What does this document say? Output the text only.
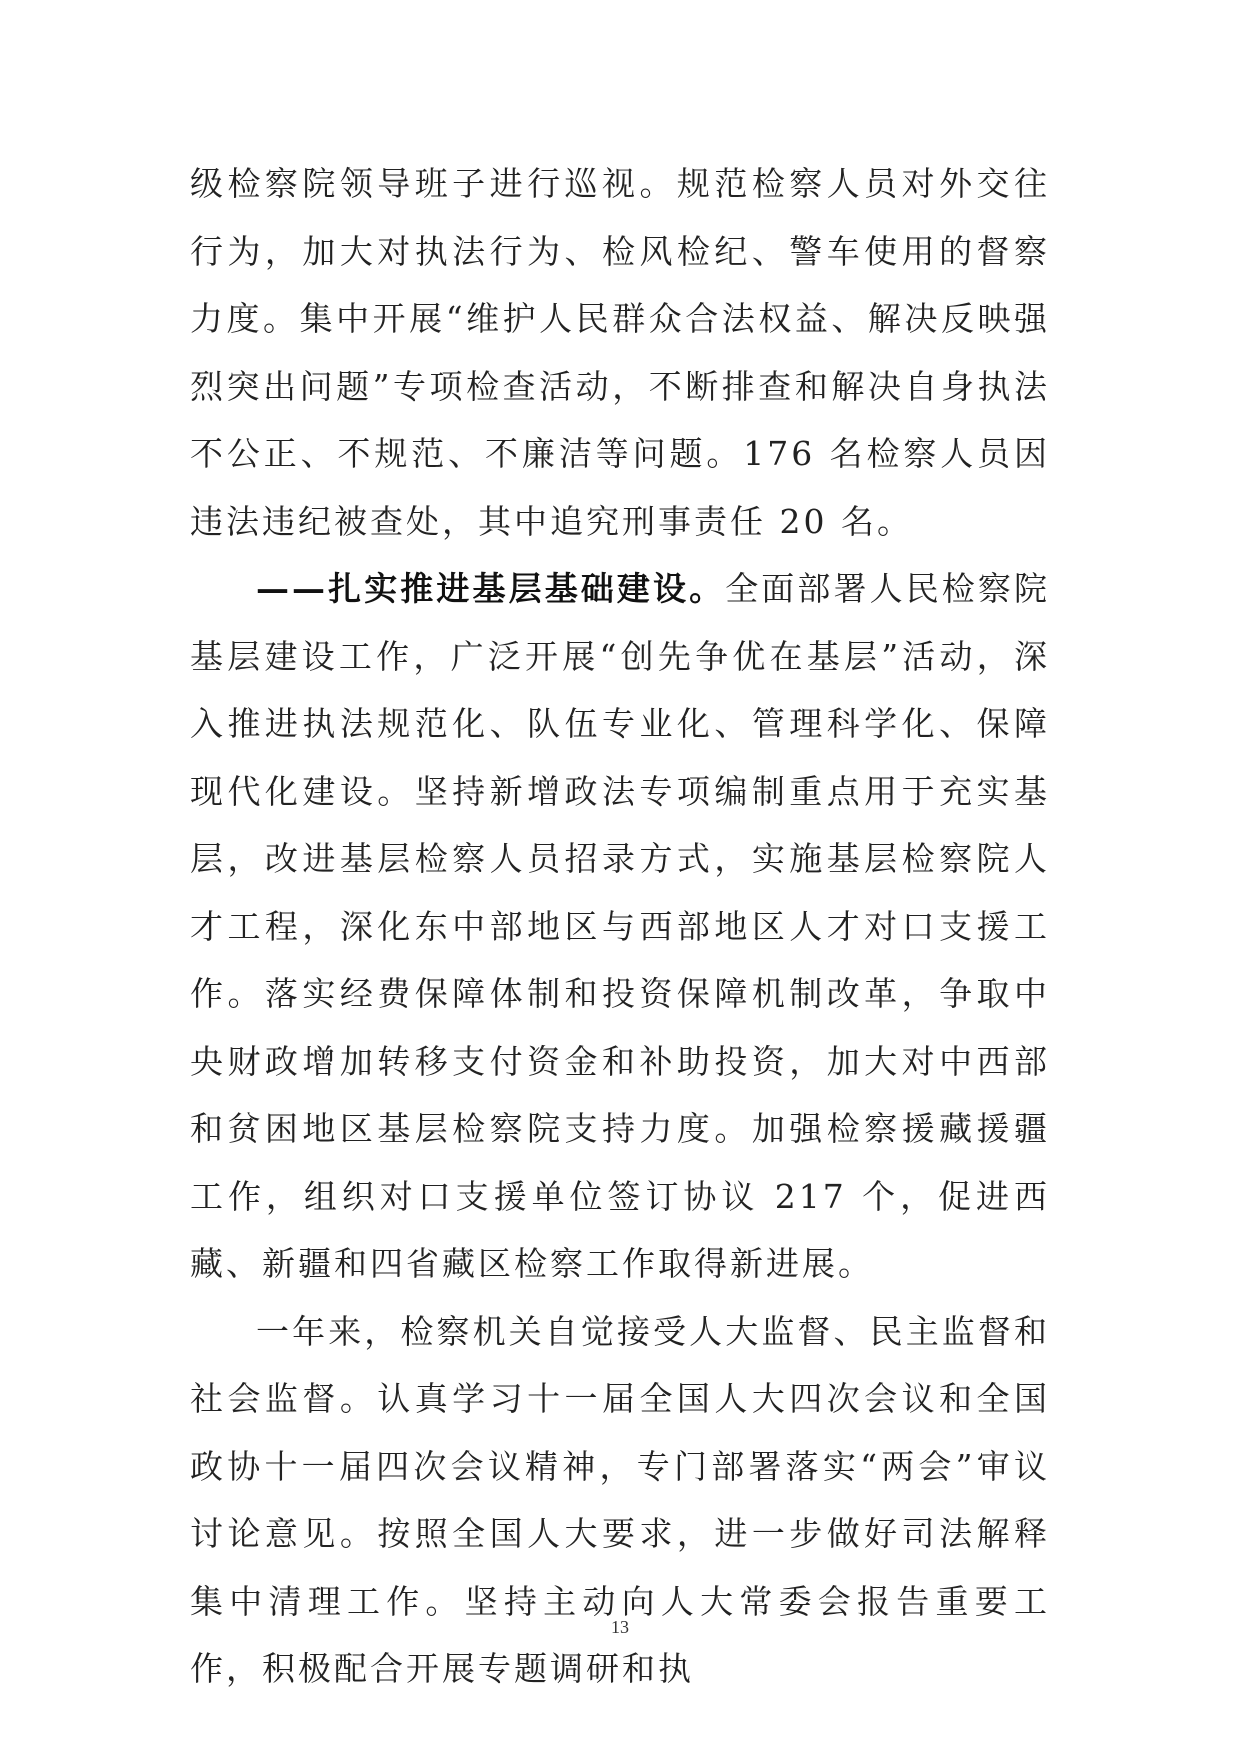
级检察院领导班子进行巡视。规范检察人员对外交往行为，加大对执法行为、检风检纪、警车使用的督察力度。集中开展“维护人民群众合法权益、解决反映强烈突出问题”专项检查活动，不断排查和解决自身执法不公正、不规范、不廉洁等问题。176 名检察人员因违法违纪被查处，其中追究刑事责任 20 名。

——扎实推进基层基础建设。全面部署人民检察院基层建设工作，广泛开展“创先争优在基层”活动，深入推进执法规范化、队伍专业化、管理科学化、保障现代化建设。坚持新增政法专项编制重点用于充实基层，改进基层检察人员招录方式，实施基层检察院人才工程，深化东中部地区与西部地区人才对口支援工作。落实经费保障体制和投资保障机制改革，争取中央财政增加转移支付资金和补助投资，加大对中西部和贫困地区基层检察院支持力度。加强检察援藏援疆工作，组织对口支援单位签订协议 217 个，促进西藏、新疆和四省藏区检察工作取得新进展。

一年来，检察机关自觉接受人大监督、民主监督和社会监督。认真学习十一届全国人大四次会议和全国政协十一届四次会议精神，专门部署落实“两会”审议讨论意见。按照全国人大要求，进一步做好司法解释集中清理工作。坚持主动向人大常委会报告重要工作，积极配合开展专题调研和执

13
